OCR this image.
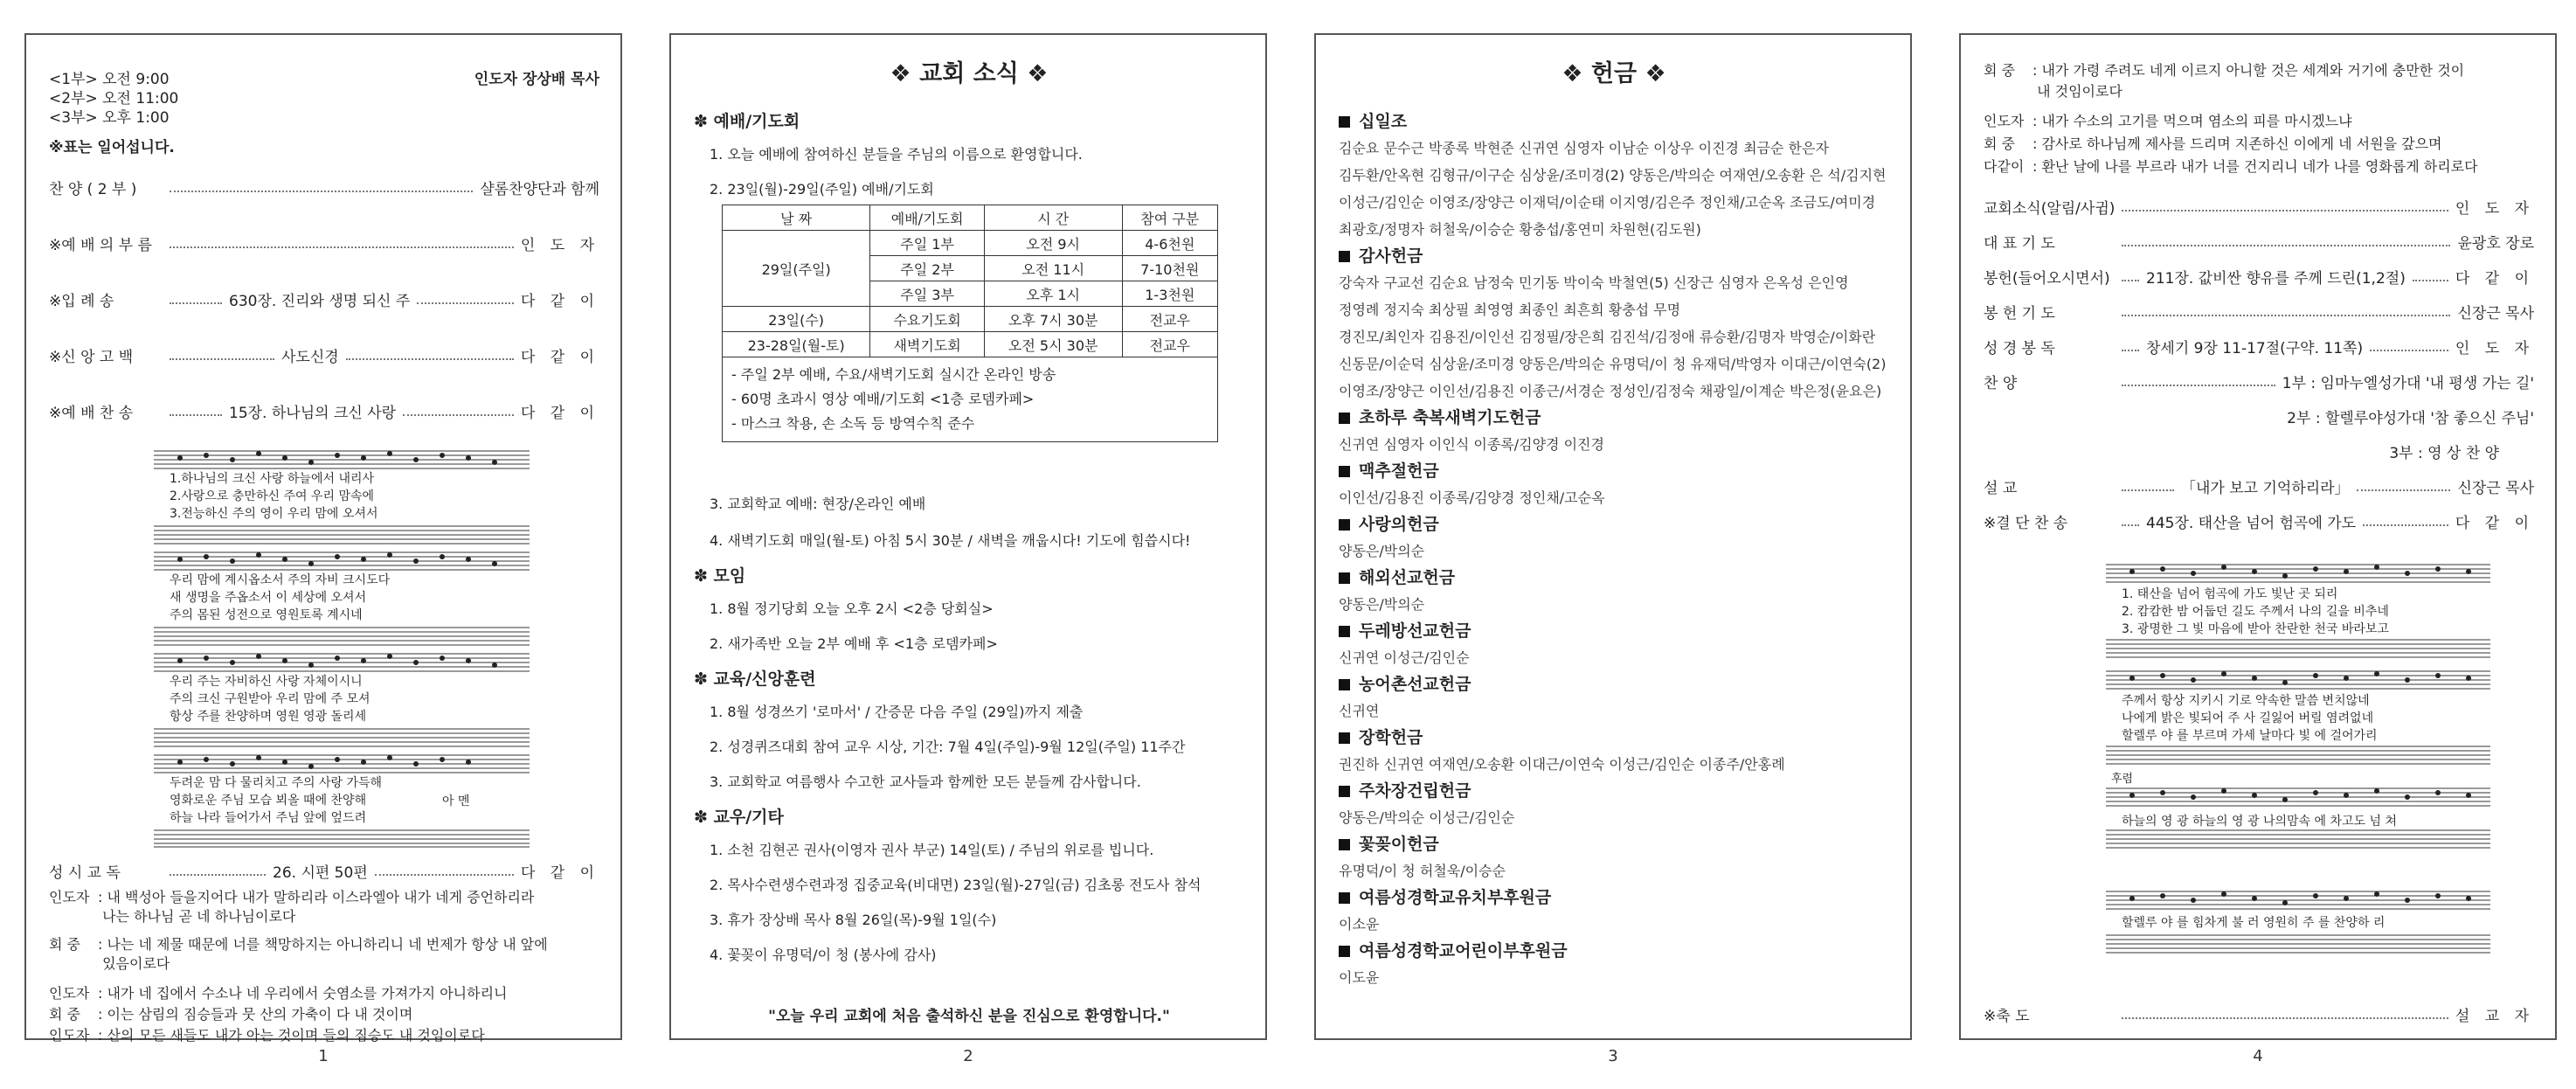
<1부> 오전 9:00
<2부> 오전 11:00
<3부> 오후 1:00
인도자 장상배 목사
※표는 일어섭니다.
찬 양 ( 2 부 )	샬롬찬양단과 함께
※예 배 의 부 름	인 도 자
※입 례 송	630장. 진리와 생명 되신 주	다 같 이
※신 앙 고 백	사도신경	다 같 이
※예 배 찬 송	15장. 하나님의 크신 사랑	다 같 이
1.하나님의 크신 사랑 하늘에서 내리사
2.사랑으로 충만하신 주여 우리 맘속에
3.전능하신 주의 영이 우리 맘에 오셔서
우리 맘에 계시옵소서 주의 자비 크시도다
새 생명을 주옵소서 이 세상에 오셔서
주의 몸된 성전으로 영원토록 계시네
우리 주는 자비하신 사랑 자체이시니
주의 크신 구원받아 우리 맘에 주 모셔
항상 주를 찬양하며 영원 영광 돌리세
두려운 맘 다 물리치고 주의 사랑 가득해
영화로운 주님 모습 뵈올 때에 찬양해
하늘 나라 들어가서 주님 앞에 엎드려
아 멘
성 시 교 독	26. 시편 50편	다 같 이
인도자 : 내 백성아 들을지어다 내가 말하리라 이스라엘아 내가 네게 증언하리라
나는 하나님 곧 네 하나님이로다
회 중 : 나는 네 제물 때문에 너를 책망하지는 아니하리니 네 번제가 항상 내 앞에
있음이로다
인도자 : 내가 네 집에서 수소나 네 우리에서 숫염소를 가져가지 아니하리니
회 중 : 이는 삼림의 짐승들과 뭇 산의 가축이 다 내 것이며
인도자 : 산의 모든 새들도 내가 아는 것이며 들의 짐승도 내 것임이로다
1
❖ 교회 소식 ❖
✽ 예배/기도회
1. 오늘 예배에 참여하신 분들을 주님의 이름으로 환영합니다.
2. 23일(월)-29일(주일) 예배/기도회
날 짜	예배/기도회	시 간	참여 구분
29일(주일)	주일 1부	오전 9시	4-6천원
	주일 2부	오전 11시	7-10천원
	주일 3부	오후 1시	1-3천원
23일(수)	수요기도회	오후 7시 30분	전교우
23-28일(월-토)	새벽기도회	오전 5시 30분	전교우

- 주일 2부 예배, 수요/새벽기도회 실시간 온라인 방송
- 60명 초과시 영상 예배/기도회 <1층 로뎀카페>
- 마스크 착용, 손 소독 등 방역수칙 준수			
3. 교회학교 예배: 현장/온라인 예배
4. 새벽기도회 매일(월-토) 아침 5시 30분 / 새벽을 깨웁시다! 기도에 힘씁시다!
✽ 모임
1. 8월 정기당회 오늘 오후 2시 <2층 당회실>
2. 새가족반 오늘 2부 예배 후 <1층 로뎀카페>
✽ 교육/신앙훈련
1. 8월 성경쓰기 '로마서' / 간증문 다음 주일 (29일)까지 제출
2. 성경퀴즈대회 참여 교우 시상, 기간: 7월 4일(주일)-9월 12일(주일) 11주간
3. 교회학교 여름행사 수고한 교사들과 함께한 모든 분들께 감사합니다.
✽ 교우/기타
1. 소천 김현곤 권사(이영자 권사 부군) 14일(토) / 주님의 위로를 빕니다.
2. 목사수련생수련과정 집중교육(비대면) 23일(월)-27일(금) 김초롱 전도사 참석
3. 휴가 장상배 목사 8월 26일(목)-9월 1일(수)
4. 꽃꽂이 유명덕/이 청 (봉사에 감사)
"오늘 우리 교회에 처음 출석하신 분을 진심으로 환영합니다."
2
❖ 헌금 ❖
십일조
김순요 문수근 박종록 박현준 신귀연 심영자 이남순 이상우 이진경 최금순 한은자
김두환/안옥현 김형규/이구순 심상윤/조미경(2) 양동은/박의순 여재연/오송환 은 석/김지현
이성근/김인순 이영조/장양근 이재덕/이순태 이지영/김은주 정인채/고순옥 조금도/여미경
최광호/정명자 허철욱/이승순 황충섭/홍연미 차원현(김도원)
감사헌금
강숙자 구교선 김순요 남정숙 민기동 박이숙 박철연(5) 신장근 심영자 은옥성 은인영
정영례 정지숙 최상필 최영영 최종인 최흔희 황충섭 무명
경진모/최인자 김용진/이인선 김정필/장은희 김진석/김정애 류승환/김명자 박영순/이화란
신동문/이순덕 심상윤/조미경 양동은/박의순 유명덕/이 청 유재덕/박영자 이대근/이연숙(2)
이영조/장양근 이인선/김용진 이종근/서경순 정성인/김정숙 채광일/이계순 박은정(윤요은)
초하루 축복새벽기도헌금
신귀연 심영자 이인식 이종록/김양경 이진경
맥추절헌금
이인선/김용진 이종록/김양경 정인채/고순옥
사랑의헌금
양동은/박의순
해외선교헌금
양동은/박의순
두레방선교헌금
신귀연 이성근/김인순
농어촌선교헌금
신귀연
장학헌금
권진하 신귀연 여재연/오송환 이대근/이연숙 이성근/김인순 이종주/안홍례
주차장건립헌금
양동은/박의순 이성근/김인순
꽃꽂이헌금
유명덕/이 청 허철욱/이승순
여름성경학교유치부후원금
이소윤
여름성경학교어린이부후원금
이도윤
3
회 중 : 내가 가령 주려도 네게 이르지 아니할 것은 세계와 거기에 충만한 것이
내 것임이로다
인도자 : 내가 수소의 고기를 먹으며 염소의 피를 마시겠느냐
회 중 : 감사로 하나님께 제사를 드리며 지존하신 이에게 네 서원을 갚으며
다같이 : 환난 날에 나를 부르라 내가 너를 건지리니 네가 나를 영화롭게 하리로다
교회소식(알림/사귐)	인 도 자
대 표 기 도	윤광호 장로
봉헌(들어오시면서)	211장. 값비싼 향유를 주께 드린(1,2절)	다 같 이
봉 헌 기 도	신장근 목사
성 경 봉 독	창세기 9장 11-17절(구약. 11쪽)	인 도 자
찬 양	1부 : 임마누엘성가대 '내 평생 가는 길'
2부 : 할렐루야성가대 '참 좋으신 주님'
3부 : 영 상 찬 양
설 교	「내가 보고 기억하리라」	신장근 목사
※결 단 찬 송	445장. 태산을 넘어 험곡에 가도	다 같 이
1. 태산을 넘어 험곡에 가도 빛난 곳 되리
2. 캄캄한 밤 어둡던 길도 주께서 나의 길을 비추네
3. 광명한 그 빛 마음에 받아 찬란한 천국 바라보고
주께서 항상 지키시 기로 약속한 말씀 변치않네
나에게 밝은 빛되어 주 사 길잃어 버릴 염려없네
할렐루 야 를 부르며 가세 날마다 빛 에 걸어가리
후렴
하늘의 영 광 하늘의 영 광 나의맘속 에 차고도 넘 쳐
할렐루 야 를 힘차게 불 러 영원히 주 를 찬양하 리
※축 도	설 교 자
4
